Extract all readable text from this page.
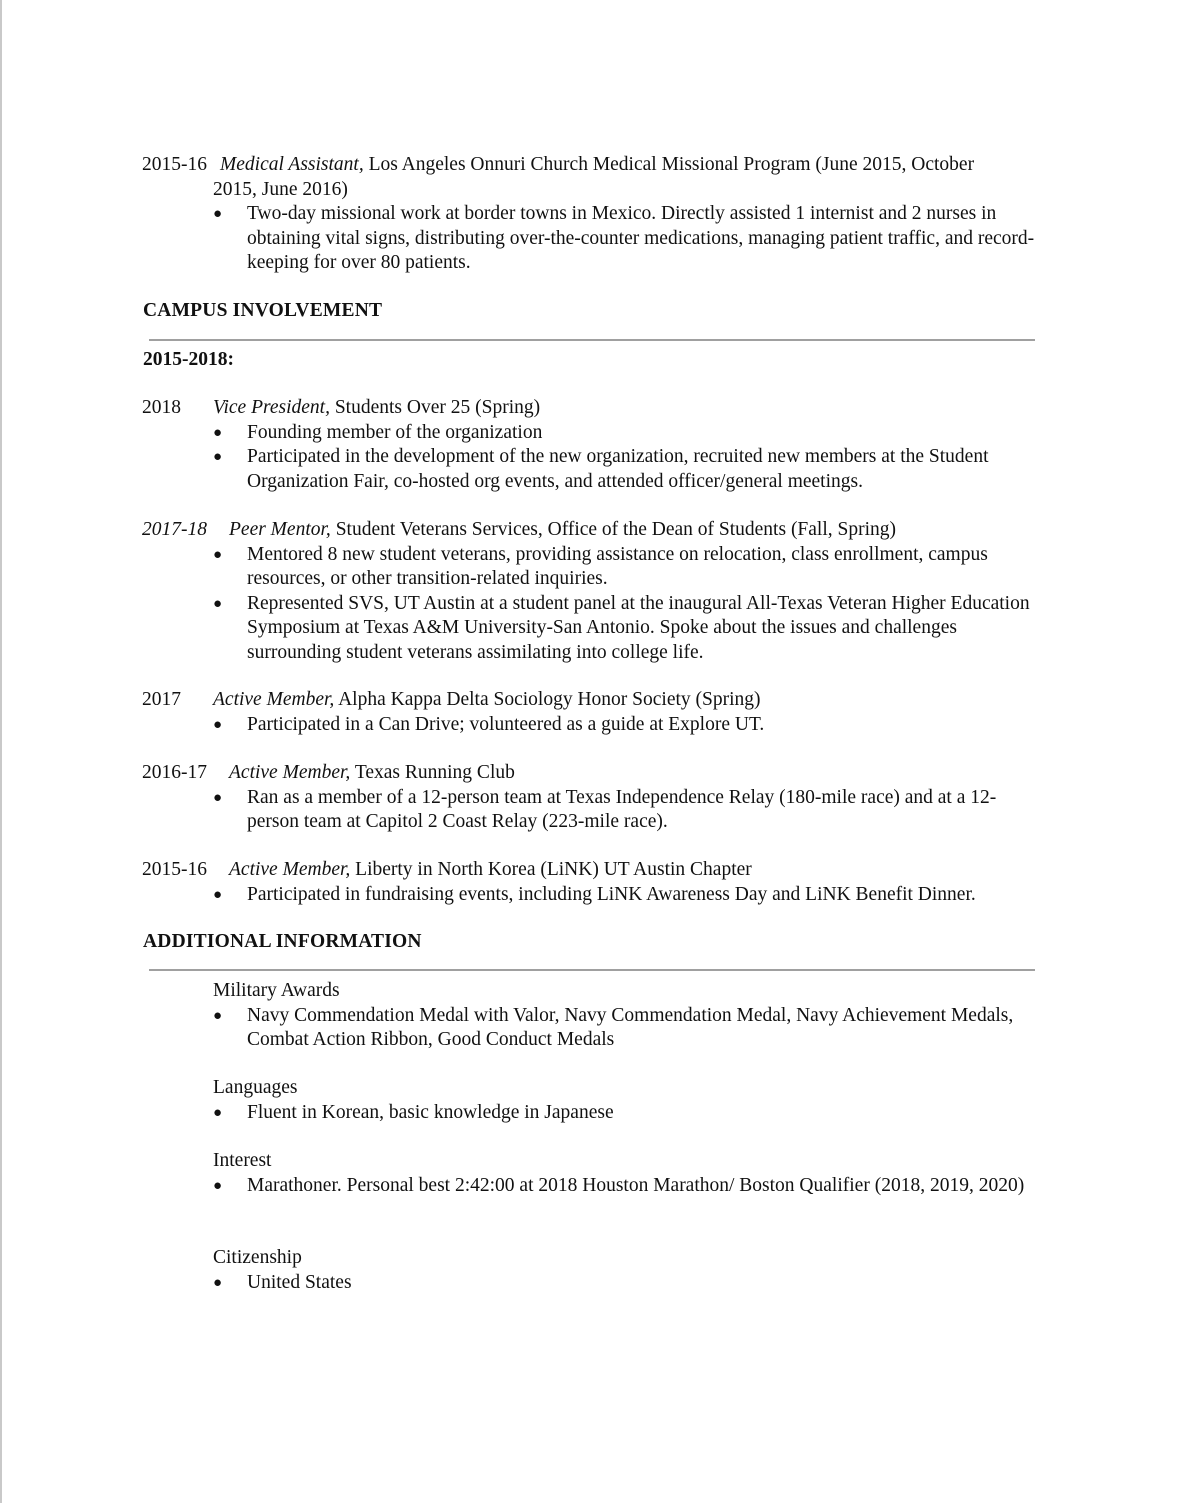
2015-16 Medical Assistant, Los Angeles Onnuri Church Medical Missional Program (June 2015, October
2015, June 2016)
● Two-day missional work at border towns in Mexico. Directly assisted 1 internist and 2 nurses in obtaining vital signs, distributing over-the-counter medications, managing patient traffic, and record-keeping for over 80 patients.
CAMPUS INVOLVEMENT
2015-2018:
2018 Vice President, Students Over 25 (Spring)
● Founding member of the organization
● Participated in the development of the new organization, recruited new members at the Student Organization Fair, co-hosted org events, and attended officer/general meetings.
2017-18 Peer Mentor, Student Veterans Services, Office of the Dean of Students (Fall, Spring)
● Mentored 8 new student veterans, providing assistance on relocation, class enrollment, campus resources, or other transition-related inquiries.
● Represented SVS, UT Austin at a student panel at the inaugural All-Texas Veteran Higher Education Symposium at Texas A&M University-San Antonio. Spoke about the issues and challenges surrounding student veterans assimilating into college life.
2017 Active Member, Alpha Kappa Delta Sociology Honor Society (Spring)
● Participated in a Can Drive; volunteered as a guide at Explore UT.
2016-17 Active Member, Texas Running Club
● Ran as a member of a 12-person team at Texas Independence Relay (180-mile race) and at a 12-person team at Capitol 2 Coast Relay (223-mile race).
2015-16 Active Member, Liberty in North Korea (LiNK) UT Austin Chapter
● Participated in fundraising events, including LiNK Awareness Day and LiNK Benefit Dinner.
ADDITIONAL INFORMATION
Military Awards
● Navy Commendation Medal with Valor, Navy Commendation Medal, Navy Achievement Medals, Combat Action Ribbon, Good Conduct Medals
Languages
● Fluent in Korean, basic knowledge in Japanese
Interest
● Marathoner. Personal best 2:42:00 at 2018 Houston Marathon/ Boston Qualifier (2018, 2019, 2020)
Citizenship
● United States
